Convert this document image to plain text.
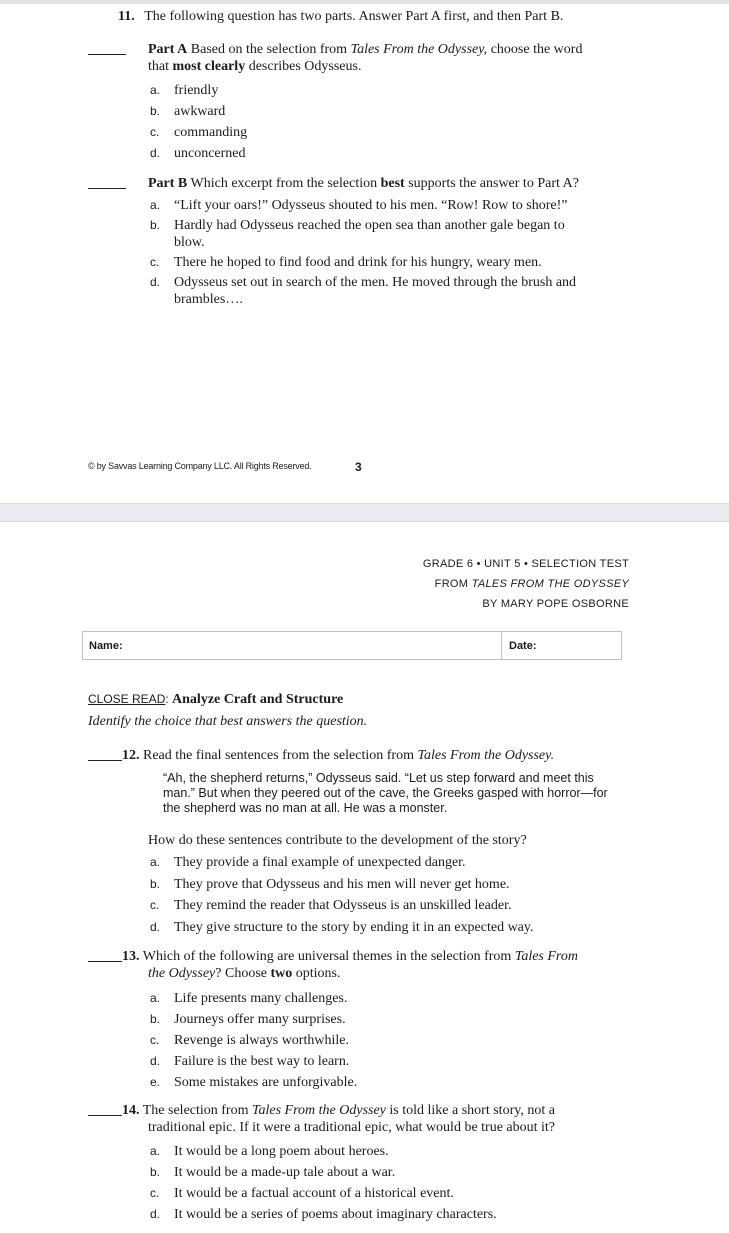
11. The following question has two parts. Answer Part A first, and then Part B.
Part A Based on the selection from Tales From the Odyssey, choose the word
that most clearly describes Odysseus.
a. friendly
b. awkward
c. commanding
d. unconcerned
Part B Which excerpt from the selection best supports the answer to Part A?
a. “Lift your oars!” Odysseus shouted to his men. “Row! Row to shore!”
b. Hardly had Odysseus reached the open sea than another gale began to
blow.
c. There he hoped to find food and drink for his hungry, weary men.
d. Odysseus set out in search of the men. He moved through the brush and
brambles….
© by Savvas Learning Company LLC. All Rights Reserved.	3
GRADE 6 • UNIT 5 • SELECTION TEST
FROM TALES FROM THE ODYSSEY
BY MARY POPE OSBORNE
Name:	Date:
CLOSE READ: Analyze Craft and Structure
Identify the choice that best answers the question.
12. Read the final sentences from the selection from Tales From the Odyssey.
“Ah, the shepherd returns,” Odysseus said. “Let us step forward and meet this
man.” But when they peered out of the cave, the Greeks gasped with horror—for
the shepherd was no man at all. He was a monster.
How do these sentences contribute to the development of the story?
a. They provide a final example of unexpected danger.
b. They prove that Odysseus and his men will never get home.
c. They remind the reader that Odysseus is an unskilled leader.
d. They give structure to the story by ending it in an expected way.
13. Which of the following are universal themes in the selection from Tales From
the Odyssey? Choose two options.
a. Life presents many challenges.
b. Journeys offer many surprises.
c. Revenge is always worthwhile.
d. Failure is the best way to learn.
e. Some mistakes are unforgivable.
14. The selection from Tales From the Odyssey is told like a short story, not a
traditional epic. If it were a traditional epic, what would be true about it?
a. It would be a long poem about heroes.
b. It would be a made-up tale about a war.
c. It would be a factual account of a historical event.
d. It would be a series of poems about imaginary characters.
